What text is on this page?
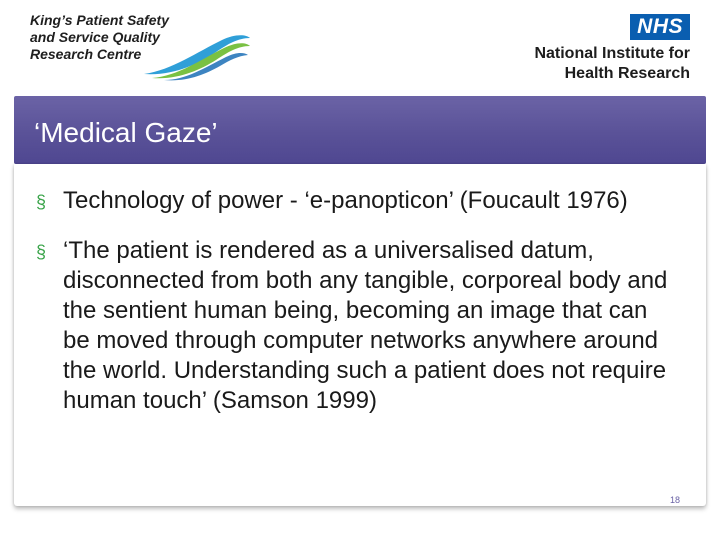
King’s Patient Safety
and Service Quality
Research Centre
NHS
National Institute for
Health Research
‘Medical Gaze’
§ Technology of power - ‘e-panopticon’ (Foucault 1976)
§ ‘The patient is rendered as a universalised datum, disconnected from both any tangible, corporeal body and the sentient human being, becoming an image that can be moved through computer networks anywhere around the world. Understanding such a patient does not require human touch’ (Samson 1999)
18
